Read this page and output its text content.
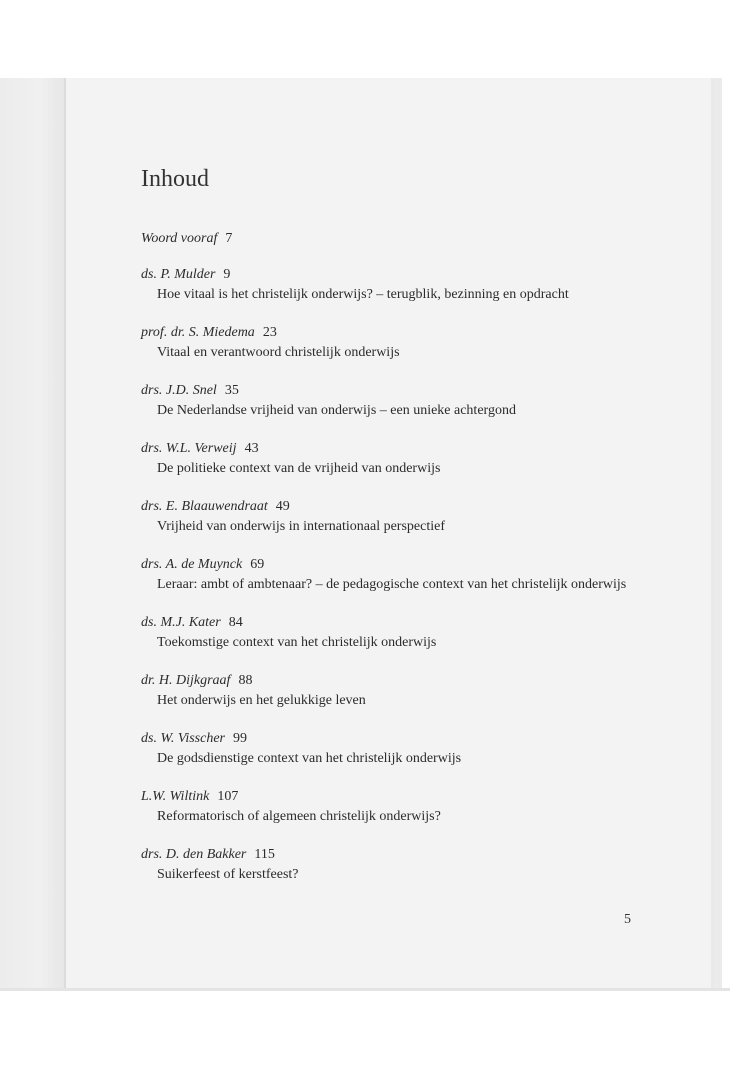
Inhoud
Woord vooraf 7
ds. P. Mulder 9
Hoe vitaal is het christelijk onderwijs? – terugblik, bezinning en opdracht
prof. dr. S. Miedema 23
Vitaal en verantwoord christelijk onderwijs
drs. J.D. Snel 35
De Nederlandse vrijheid van onderwijs – een unieke achtergond
drs. W.L. Verweij 43
De politieke context van de vrijheid van onderwijs
drs. E. Blaauwendraat 49
Vrijheid van onderwijs in internationaal perspectief
drs. A. de Muynck 69
Leraar: ambt of ambtenaar? – de pedagogische context van het christelijk onderwijs
ds. M.J. Kater 84
Toekomstige context van het christelijk onderwijs
dr. H. Dijkgraaf 88
Het onderwijs en het gelukkige leven
ds. W. Visscher 99
De godsdienstige context van het christelijk onderwijs
L.W. Wiltink 107
Reformatorisch of algemeen christelijk onderwijs?
drs. D. den Bakker 115
Suikerfeest of kerstfeest?
5
